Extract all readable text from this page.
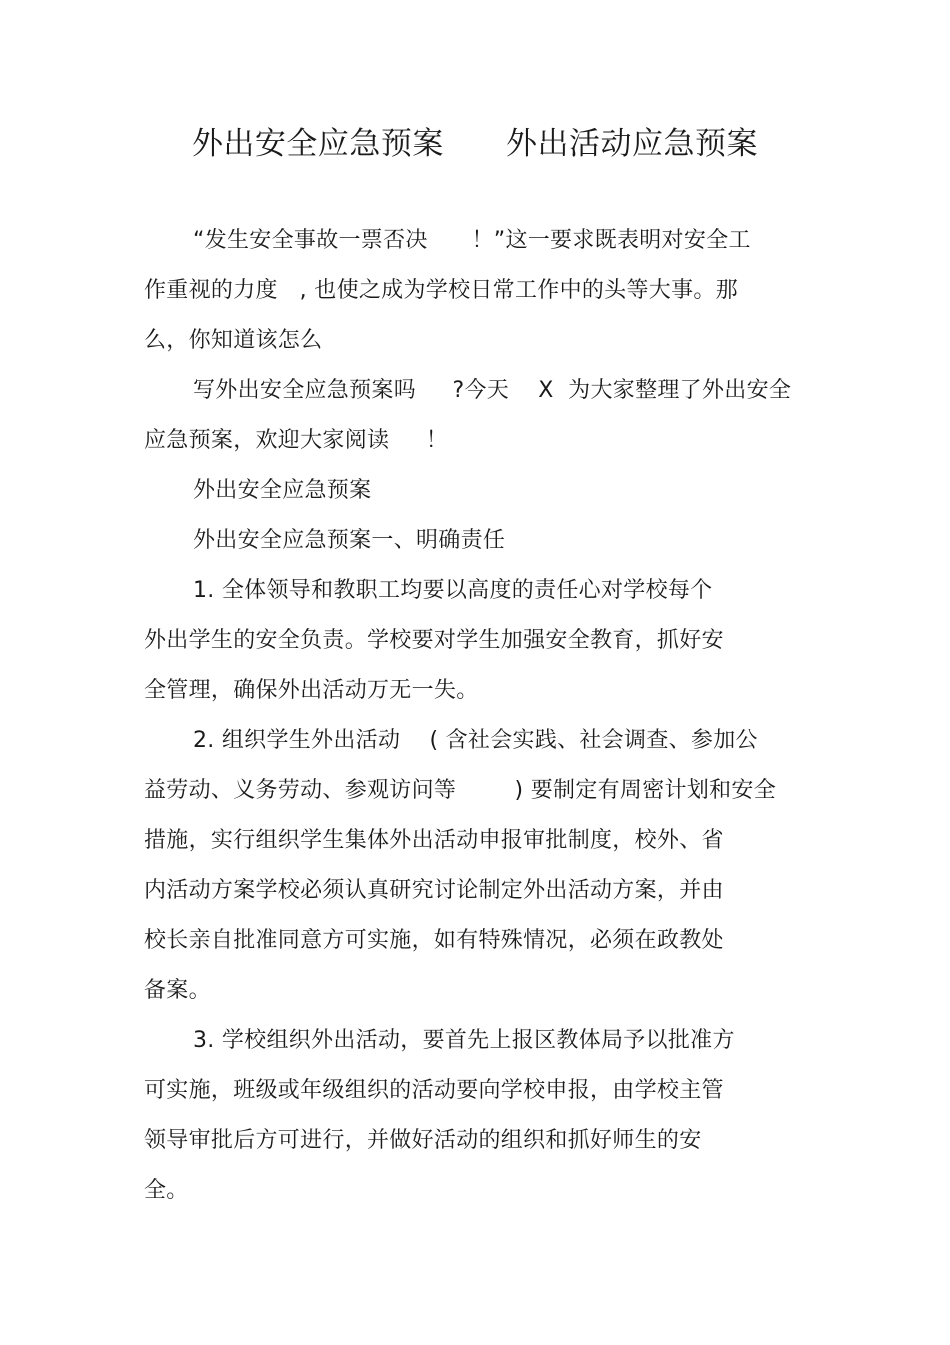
外出安全应急预案      外出活动应急预案
“发生安全事故一票否决      ！”这一要求既表明对安全工
作重视的力度   , 也使之成为学校日常工作中的头等大事。那
么，你知道该怎么
写外出安全应急预案吗     ?今天    X  为大家整理了外出安全
应急预案，欢迎大家阅读     ！
外出安全应急预案
外出安全应急预案一、明确责任
1. 全体领导和教职工均要以高度的责任心对学校每个
外出学生的安全负责。学校要对学生加强安全教育，抓好安
全管理，确保外出活动万无一失。
2. 组织学生外出活动    ( 含社会实践、社会调查、参加公
益劳动、义务劳动、参观访问等        ) 要制定有周密计划和安全
措施，实行组织学生集体外出活动申报审批制度，校外、省
内活动方案学校必须认真研究讨论制定外出活动方案，并由
校长亲自批准同意方可实施，如有特殊情况，必须在政教处
备案。
3. 学校组织外出活动，要首先上报区教体局予以批准方
可实施，班级或年级组织的活动要向学校申报，由学校主管
领导审批后方可进行，并做好活动的组织和抓好师生的安
全。
